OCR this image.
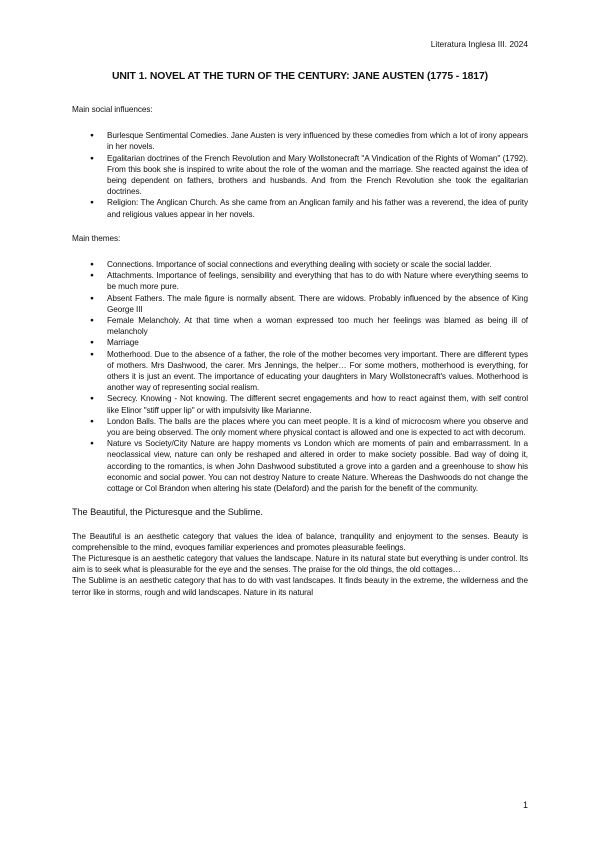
Literatura Inglesa III. 2024
UNIT 1. NOVEL AT THE TURN OF THE CENTURY: JANE AUSTEN (1775 - 1817)
Main social influences:
● Burlesque Sentimental Comedies. Jane Austen is very influenced by these comedies from which a lot of irony appears in her novels.
● Egalitarian doctrines of the French Revolution and Mary Wollstonecraft "A Vindication of the Rights of Woman" (1792). From this book she is inspired to write about the role of the woman and the marriage. She reacted against the idea of being dependent on fathers, brothers and husbands. And from the French Revolution she took the egalitarian doctrines.
● Religion: The Anglican Church. As she came from an Anglican family and his father was a reverend, the idea of purity and religious values appear in her novels.
Main themes:
● Connections. Importance of social connections and everything dealing with society or scale the social ladder.
● Attachments. Importance of feelings, sensibility and everything that has to do with Nature where everything seems to be much more pure.
● Absent Fathers. The male figure is normally absent. There are widows. Probably influenced by the absence of King George III
● Female Melancholy. At that time when a woman expressed too much her feelings was blamed as being ill of melancholy
● Marriage
● Motherhood. Due to the absence of a father, the role of the mother becomes very important. There are different types of mothers. Mrs Dashwood, the carer. Mrs Jennings, the helper… For some mothers, motherhood is everything, for others it is just an event. The importance of educating your daughters in Mary Wollstonecraft's values. Motherhood is another way of representing social realism.
● Secrecy. Knowing - Not knowing. The different secret engagements and how to react against them, with self control like Elinor "stiff upper lip" or with impulsivity like Marianne.
● London Balls. The balls are the places where you can meet people. It is a kind of microcosm where you observe and you are being observed. The only moment where physical contact is allowed and one is expected to act with decorum.
● Nature vs Society/City Nature are happy moments vs London which are moments of pain and embarrassment. In a neoclassical view, nature can only be reshaped and altered in order to make society possible. Bad way of doing it, according to the romantics, is when John Dashwood substituted a grove into a garden and a greenhouse to show his economic and social power. You can not destroy Nature to create Nature. Whereas the Dashwoods do not change the cottage or Col Brandon when altering his state (Delaford) and the parish for the benefit of the community.
The Beautiful, the Picturesque and the Sublime.

The Beautiful is an aesthetic category that values the idea of balance, tranquility and enjoyment to the senses. Beauty is comprehensible to the mind, evoques familiar experiences and promotes pleasurable feelings.

The Picturesque is an aesthetic category that values the landscape. Nature in its natural state but everything is under control. Its aim is to seek what is pleasurable for the eye and the senses. The praise for the old things, the old cottages…

The Sublime is an aesthetic category that has to do with vast landscapes. It finds beauty in the extreme, the wilderness and the terror like in storms, rough and wild landscapes. Nature in its natural

1
